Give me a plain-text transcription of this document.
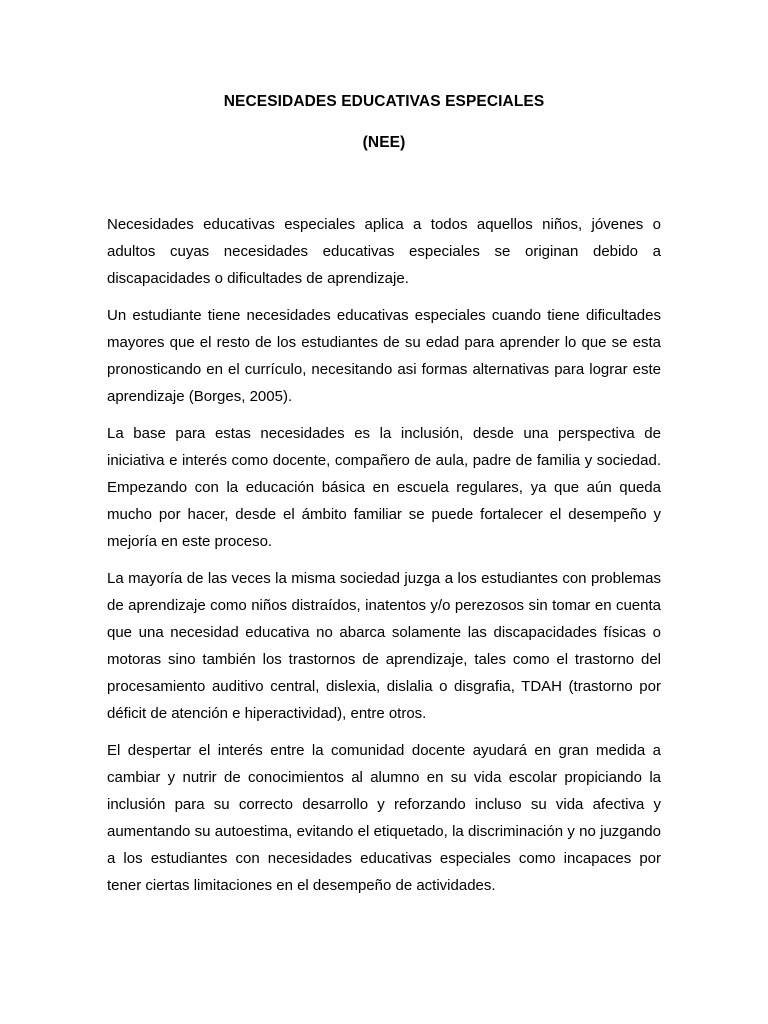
NECESIDADES EDUCATIVAS ESPECIALES
(NEE)

Necesidades educativas especiales aplica a todos aquellos niños, jóvenes o adultos cuyas necesidades educativas especiales se originan debido a discapacidades o dificultades de aprendizaje.

Un estudiante tiene necesidades educativas especiales cuando tiene dificultades mayores que el resto de los estudiantes de su edad para aprender lo que se esta pronosticando en el currículo, necesitando asi formas alternativas para lograr este aprendizaje (Borges, 2005).

La base para estas necesidades es la inclusión, desde una perspectiva de iniciativa e interés como docente, compañero de aula, padre de familia y sociedad. Empezando con la educación básica en escuela regulares, ya que aún queda mucho por hacer, desde el ámbito familiar se puede fortalecer el desempeño y mejoría en este proceso.

La mayoría de las veces la misma sociedad juzga a los estudiantes con problemas de aprendizaje como niños distraídos, inatentos y/o perezosos sin tomar en cuenta que una necesidad educativa no abarca solamente las discapacidades físicas o motoras sino también los trastornos de aprendizaje, tales como el trastorno del procesamiento auditivo central, dislexia, dislalia o disgrafia, TDAH (trastorno por déficit de atención e hiperactividad), entre otros.

El despertar el interés entre la comunidad docente ayudará en gran medida a cambiar y nutrir de conocimientos al alumno en su vida escolar propiciando la inclusión para su correcto desarrollo y reforzando incluso su vida afectiva y aumentando su autoestima, evitando el etiquetado, la discriminación y no juzgando a los estudiantes con necesidades educativas especiales como incapaces por tener ciertas limitaciones en el desempeño de actividades.
